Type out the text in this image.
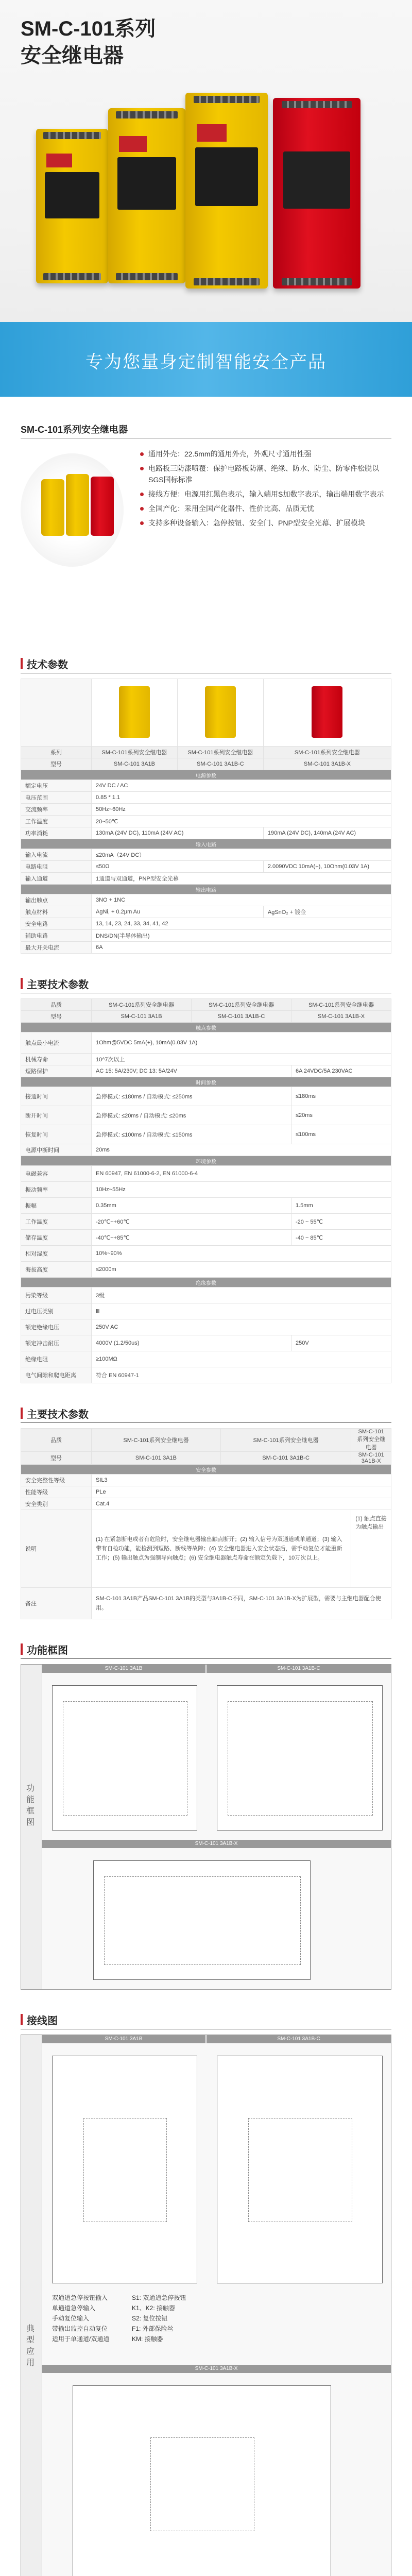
SM-C-101系列
安全继电器
专为您量身定制智能安全产品
SM-C-101系列安全继电器
通用外壳：22.5mm的通用外壳，外观尺寸通用性强
电路板三防漆喷覆：保护电路板防潮、绝缘、防水、防尘、防零件松脱以SGS国标标准
接线方便：电源用红黑色表示，输入端用S加数字表示，输出端用数字表示
全国产化：采用全国产化器件、性价比高、品质无忧
支持多种设备输入：急停按钮、安全门、PNP型安全光幕、扩展模块
技术参数

系列	SM-C-101系列安全继电器	SM-C-101系列安全继电器	SM-C-101系列安全继电器
型号	SM-C-101 3A1B	SM-C-101 3A1B-C	SM-C-101 3A1B-X
电源参数			
额定电压	24V DC / AC		
电压范围	0.85 * 1.1		
交流频率	50Hz~60Hz		
工作温度	20~50℃		
功率消耗	130mA (24V DC), 110mA (24V AC)		190mA (24V DC), 140mA (24V AC)
输入电路			
输入电流	≤20mA（24V DC）		
电路电阻	≤50Ω		2.0090VDC 10mA(+), 10Ohm(0.03V 1A)
输入通道	1通道与双通道，PNP型安全光幕		
输出电路			
输出触点	3NO + 1NC		
触点材料	AgNi, + 0.2μm Au		AgSnO₂ + 镀金
安全电路	13, 14, 23, 24, 33, 34, 41, 42		
辅助电路	DNS/DN(半导体输出)		
最大开关电流	6A		
主要技术参数
品质	SM-C-101系列安全继电器	SM-C-101系列安全继电器	SM-C-101系列安全继电器
型号	SM-C-101 3A1B	SM-C-101 3A1B-C	SM-C-101 3A1B-X
触点参数			
触点最小电流	1Ohm@5VDC 5mA(+), 10mA(0.03V 1A)		
机械寿命	10^7次以上		
短路保护	AC 15: 5A/230V; DC 13: 5A/24V		6A 24VDC/5A 230VAC
时间参数			
接通时间	急停模式: ≤180ms / 自动模式: ≤250ms		≤180ms
断开时间	急停模式: ≤20ms / 自动模式: ≤20ms		≤20ms
恢复时间	急停模式: ≤100ms / 自动模式: ≤150ms		≤100ms
电源中断时间	20ms		
环境参数			
电磁兼容	EN 60947, EN 61000-6-2, EN 61000-6-4		
振动频率	10Hz~55Hz		
振幅	0.35mm		1.5mm
工作温度	-20℃~+60℃		-20 ~ 55℃
储存温度	-40℃~+85℃		-40 ~ 85℃
相对湿度	10%~90%		
海拔高度	≤2000m		
绝缘参数			
污染等级	3级		
过电压类别	Ⅲ		
额定绝缘电压	250V AC		
额定冲击耐压	4000V (1.2/50us)		250V
绝缘电阻	≥100MΩ		
电气间隙和爬电距离	符合 EN 60947-1		
主要技术参数
品质	SM-C-101系列安全继电器	SM-C-101系列安全继电器	SM-C-101系列安全继电器
型号	SM-C-101 3A1B	SM-C-101 3A1B-C	SM-C-101 3A1B-X
安全参数			
安全完整性等级	SIL3		
性能等级	PLe		
安全类别	Cat.4		
说明	(1) 在紧急断电或者有危险时，安全继电器输出触点断开；(2) 输入信号为双通道或单通道；(3) 输入带有自检功能，能检测到短路、断线等故障；(4) 安全继电器进入安全状态后，需手动复位才能重新工作；(5) 输出触点为强制导向触点；(6) 安全继电器触点寿命在额定负载下，10万次以上。		(1) 触点直接为触点输出
备注	SM-C-101 3A1B产品SM-C-101 3A1B的类型与3A1B-C不同，SM-C-101 3A1B-X为扩展型，需要与主继电器配合使用。		
功能框图
功能框图
SM-C-101 3A1B	SM-C-101 3A1B-C
SM-C-101 3A1B-X
接线图
典型应用
SM-C-101 3A1B	SM-C-101 3A1B-C
双通道急停按钮输入	S1: 双通道急停按钮
单通道急停输入	K1、K2: 接触器
手动复位输入	S2: 复位按钮
带输出监控自动复位	F1: 外部保险丝
适用于单通道/双通道	KM: 接触器
SM-C-101 3A1B-X
